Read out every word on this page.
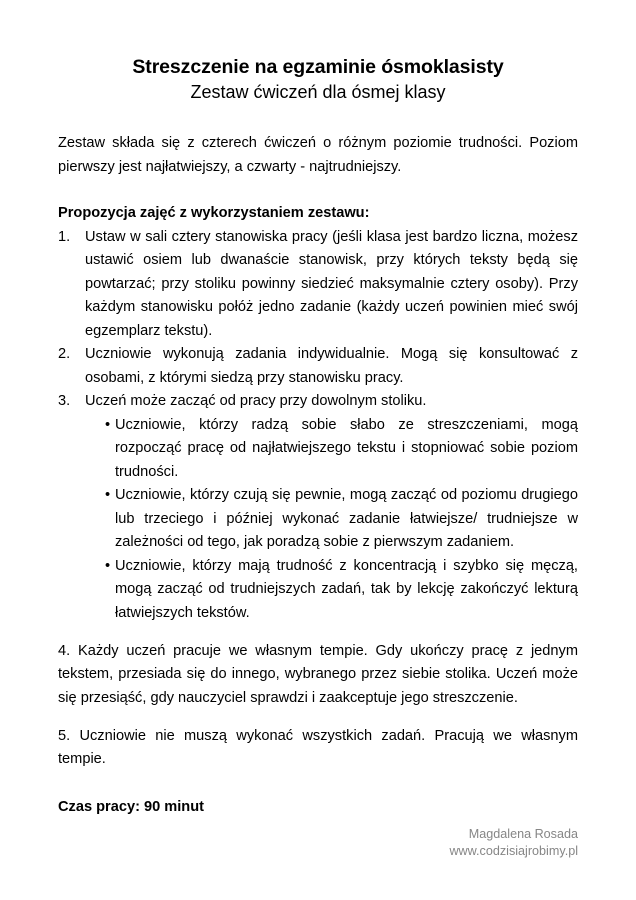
Streszczenie na egzaminie ósmoklasisty
Zestaw ćwiczeń dla ósmej klasy

Zestaw składa się z czterech ćwiczeń o różnym poziomie trudności. Poziom pierwszy jest najłatwiejszy, a czwarty - najtrudniejszy.

Propozycja zajęć z wykorzystaniem zestawu:
1.	Ustaw w sali cztery stanowiska pracy (jeśli klasa jest bardzo liczna, możesz ustawić osiem lub dwanaście stanowisk, przy których teksty będą się powtarzać; przy stoliku powinny siedzieć maksymalnie cztery osoby). Przy każdym stanowisku połóż jedno zadanie (każdy uczeń powinien mieć swój egzemplarz tekstu).
2.	Uczniowie wykonują zadania indywidualnie. Mogą się konsultować z osobami, z którymi siedzą przy stanowisku pracy.
3.	Uczeń może zacząć od pracy przy dowolnym stoliku.
• Uczniowie, którzy radzą sobie słabo ze streszczeniami, mogą rozpocząć pracę od najłatwiejszego tekstu i stopniować sobie poziom trudności.
• Uczniowie, którzy czują się pewnie, mogą zacząć od poziomu drugiego lub trzeciego i później wykonać zadanie łatwiejsze/ trudniejsze w zależności od tego, jak poradzą sobie z pierwszym zadaniem.
• Uczniowie, którzy mają trudność z koncentracją i szybko się męczą, mogą zacząć od trudniejszych zadań, tak by lekcję zakończyć lekturą łatwiejszych tekstów.

4. Każdy uczeń pracuje we własnym tempie. Gdy ukończy pracę z jednym tekstem, przesiada się do innego, wybranego przez siebie stolika. Uczeń może się przesiąść, gdy nauczyciel sprawdzi i zaakceptuje jego streszczenie.

5. Uczniowie nie muszą wykonać wszystkich zadań. Pracują we własnym tempie.

Czas pracy: 90 minut
Magdalena Rosada
www.codzisiajrobimy.pl
